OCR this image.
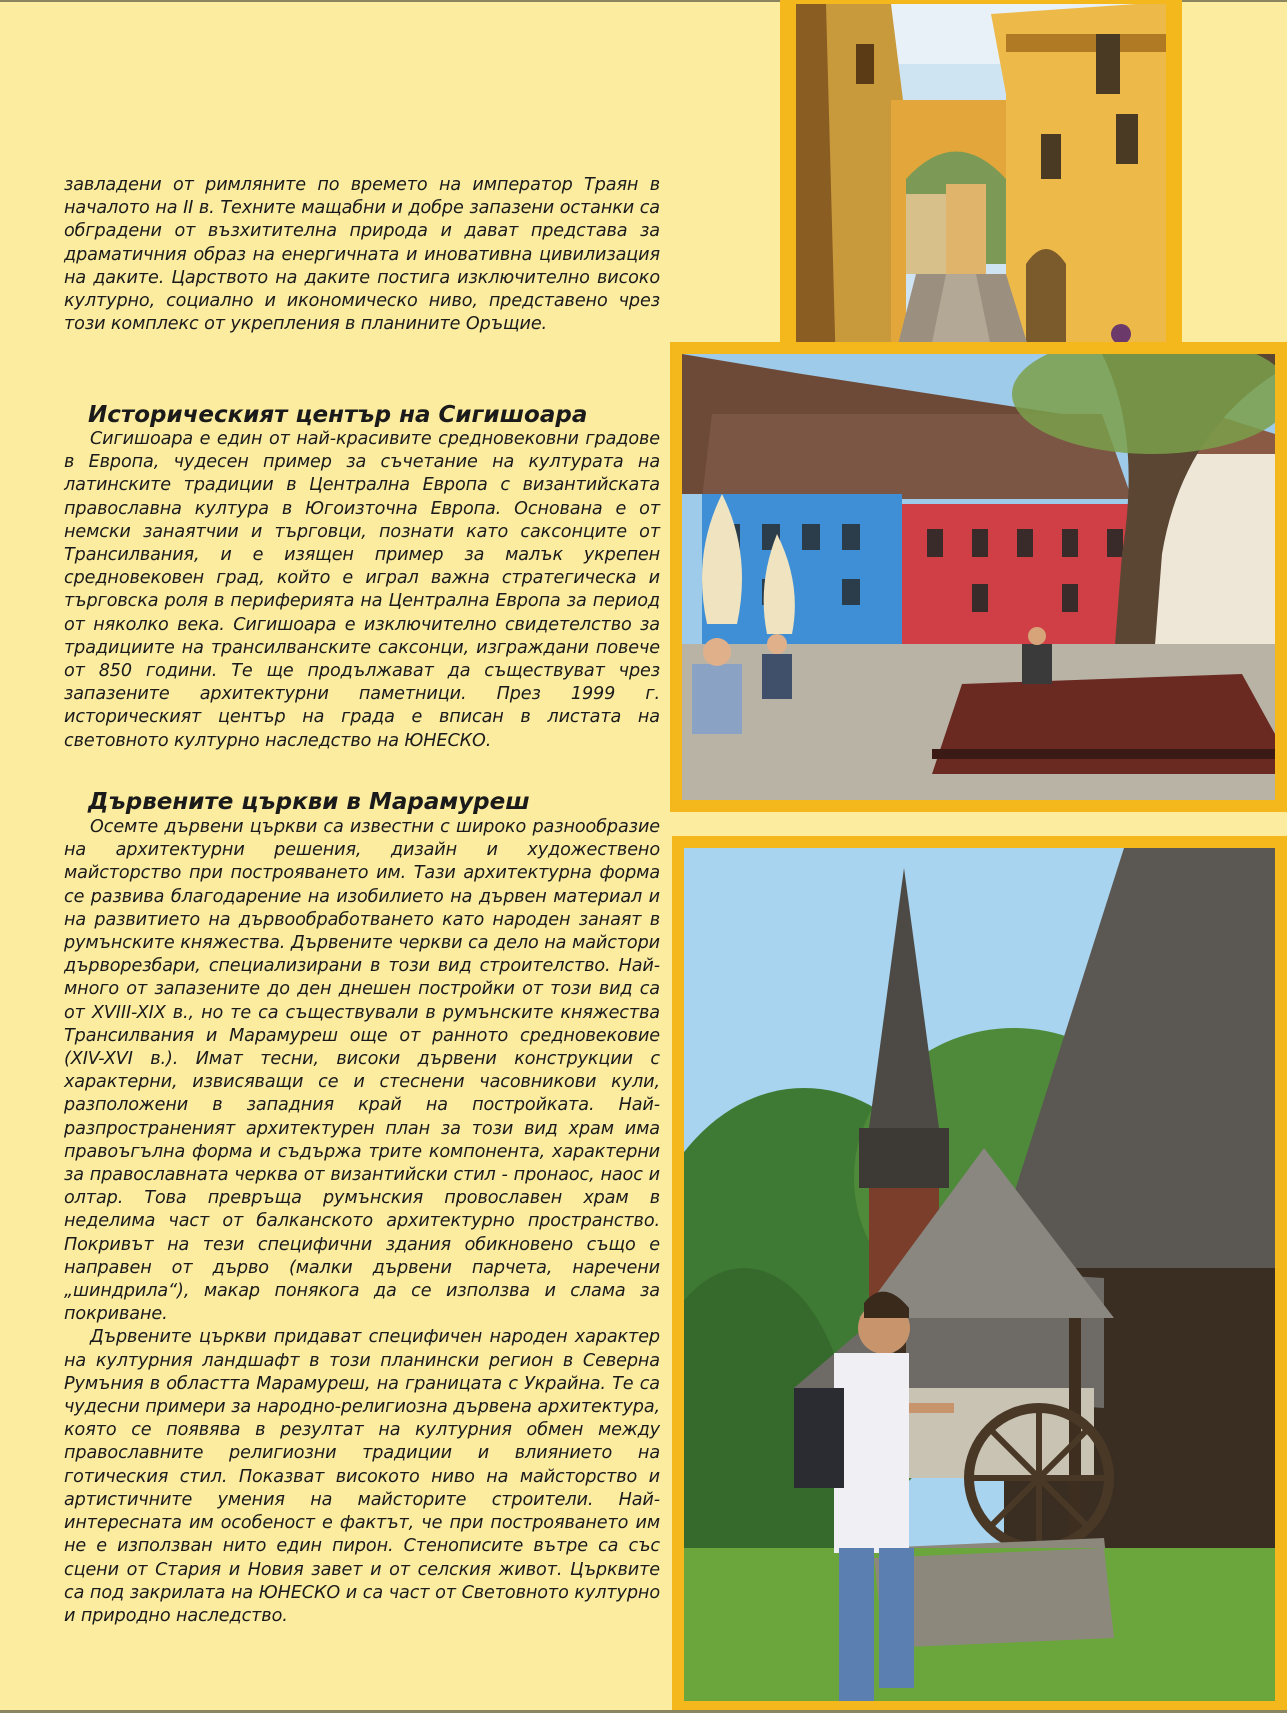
завладени от римляните по времето на император Траян в началото на II в. Техните мащабни и добре запазени останки са обградени от възхитителна природа и дават представа за драматичния образ на енергичната и иновативна цивилизация на даките. Царството на даките постига изключително високо културно, социално и икономическо ниво, представено чрез този комплекс от укрепления в планините Оръщие.

Историческият център на Сигишоара

Сигишоара е един от най-красивите средновековни градове в Европа, чудесен пример за съчетание на културата на латинските традиции в Централна Европа с византийската православна култура в Югоизточна Европа. Основана е от немски занаятчии и търговци, познати като саксонците от Трансилвания, и е изящен пример за малък укрепен средновековен град, който е играл важна стратегическа и търговска роля в периферията на Централна Европа за период от няколко века. Сигишоара е изключително свидетелство за традициите на трансилванските саксонци, изграждани повече от 850 години. Те ще продължават да съществуват чрез запазените архитектурни паметници. През 1999 г. историческият център на града е вписан в листата на световното културно наследство на ЮНЕСКО.

Дървените църкви в Марамуреш

Осемте дървени църкви са известни с широко разнообразие на архитектурни решения, дизайн и художествено майсторство при построяването им. Тази архитектурна форма се развива благодарение на изобилието на дървен материал и на развитието на дървообработването като народен занаят в румънските княжества. Дървените черкви са дело на майстори дърворезбари, специализирани в този вид строителство. Най-много от запазените до ден днешен постройки от този вид са от XVIII-XIX в., но те са съществували в румънските княжества Трансилвания и Марамуреш още от ранното средновековие (XIV-XVI в.). Имат тесни, високи дървени конструкции с характерни, извисяващи се и стеснени часовникови кули, разположени в западния край на постройката. Най-разпространеният архитектурен план за този вид храм има правоъгълна форма и съдържа трите компонента, характерни за православната черква от византийски стил - пронаос, наос и олтар. Това превръща румънския провославен храм в неделима част от балканското архитектурно пространство. Покривът на тези специфични здания обикновено също е направен от дърво (малки дървени парчета, наречени „шиндрила“), макар понякога да се използва и слама за покриване.

Дървените църкви придават специфичен народен характер на културния ландшафт в този планински регион в Северна Румъния в областта Марамуреш, на границата с Украйна. Те са чудесни примери за народно-религиозна дървена архитектура, която се появява в резултат на културния обмен между православните религиозни традиции и влиянието на готическия стил. Показват високото ниво на майсторство и артистичните умения на майсторите строители. Най-интересната им особеност е фактът, че при построяването им не е използван нито един пирон. Стенописите вътре са със сцени от Стария и Новия завет и от селския живот. Църквите са под закрилата на ЮНЕСКО и са част от Световното културно и природно наследство.
